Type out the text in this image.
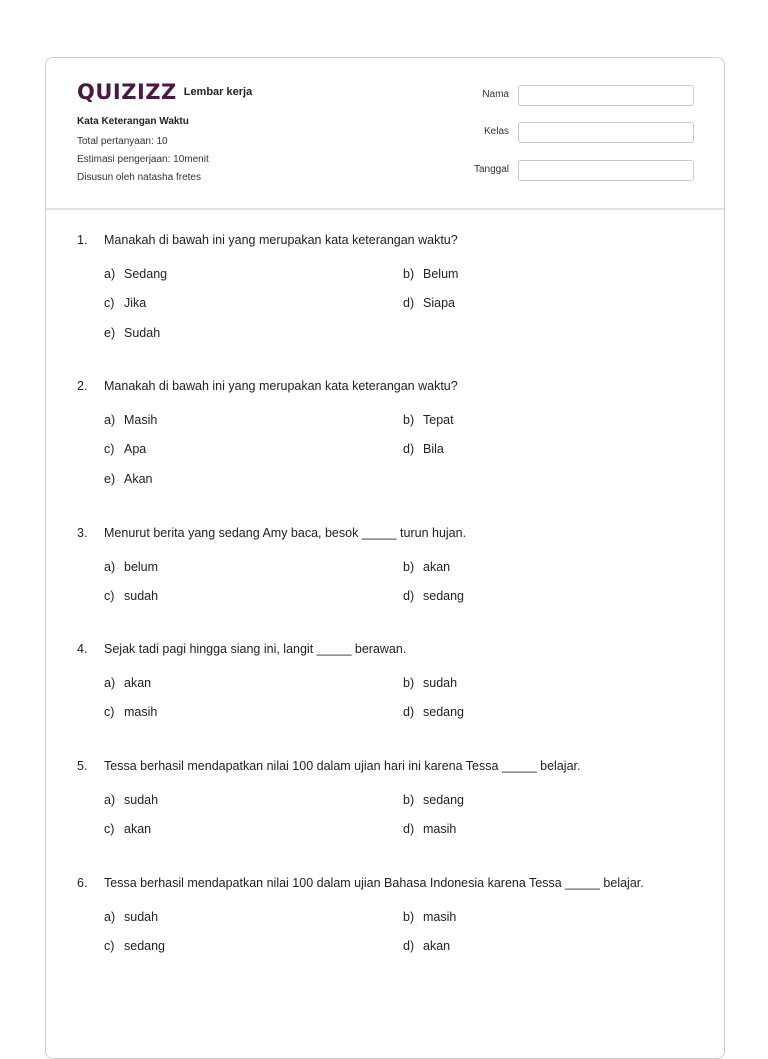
QUIZIZZ Lembar kerja
Kata Keterangan Waktu
Total pertanyaan: 10
Estimasi pengerjaan: 10menit
Disusun oleh natasha fretes
Nama
Kelas
Tanggal
1.	Manakah di bawah ini yang merupakan kata keterangan waktu?
a) Sedang	b) Belum
c) Jika	d) Siapa
e) Sudah
2.	Manakah di bawah ini yang merupakan kata keterangan waktu?
a) Masih	b) Tepat
c) Apa	d) Bila
e) Akan
3.	Menurut berita yang sedang Amy baca, besok _____ turun hujan.
a) belum	b) akan
c) sudah	d) sedang
4.	Sejak tadi pagi hingga siang ini, langit _____ berawan.
a) akan	b) sudah
c) masih	d) sedang
5.	Tessa berhasil mendapatkan nilai 100 dalam ujian hari ini karena Tessa _____ belajar.
a) sudah	b) sedang
c) akan	d) masih
6.	Tessa berhasil mendapatkan nilai 100 dalam ujian Bahasa Indonesia karena Tessa _____ belajar.
a) sudah	b) masih
c) sedang	d) akan
